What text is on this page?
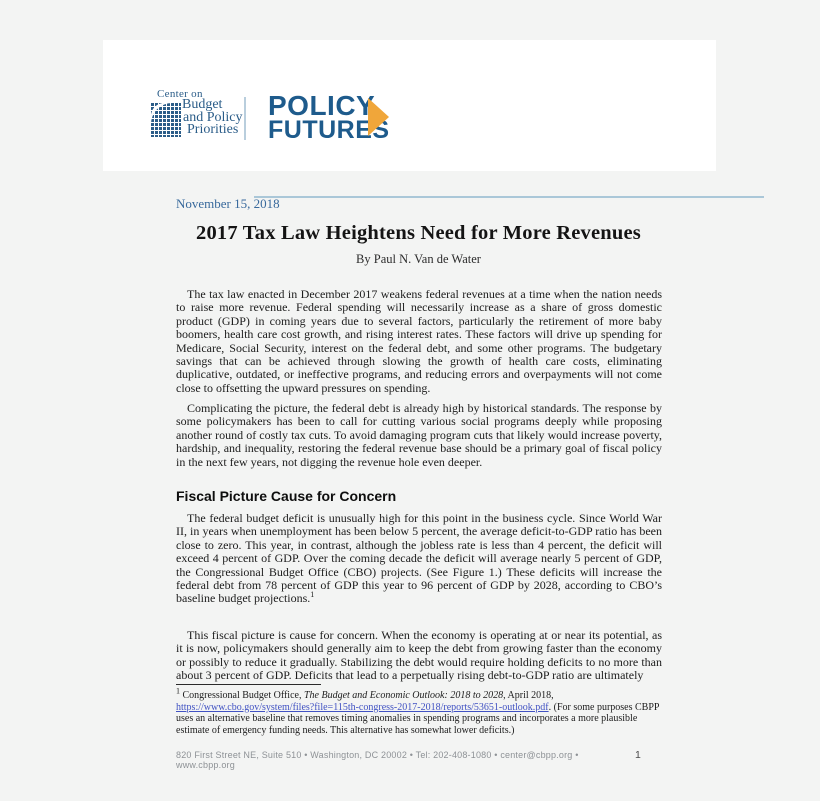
Center on
Budget
and Policy
Priorities
POLICY
FUTURES
November 15, 2018
2017 Tax Law Heightens Need for More Revenues
By Paul N. Van de Water

The tax law enacted in December 2017 weakens federal revenues at a time when the nation needs to raise more revenue. Federal spending will necessarily increase as a share of gross domestic product (GDP) in coming years due to several factors, particularly the retirement of more baby boomers, health care cost growth, and rising interest rates. These factors will drive up spending for Medicare, Social Security, interest on the federal debt, and some other programs. The budgetary savings that can be achieved through slowing the growth of health care costs, eliminating duplicative, outdated, or ineffective programs, and reducing errors and overpayments will not come close to offsetting the upward pressures on spending.

Complicating the picture, the federal debt is already high by historical standards. The response by some policymakers has been to call for cutting various social programs deeply while proposing another round of costly tax cuts. To avoid damaging program cuts that likely would increase poverty, hardship, and inequality, restoring the federal revenue base should be a primary goal of fiscal policy in the next few years, not digging the revenue hole even deeper.

Fiscal Picture Cause for Concern

The federal budget deficit is unusually high for this point in the business cycle. Since World War II, in years when unemployment has been below 5 percent, the average deficit-to-GDP ratio has been close to zero. This year, in contrast, although the jobless rate is less than 4 percent, the deficit will exceed 4 percent of GDP. Over the coming decade the deficit will average nearly 5 percent of GDP, the Congressional Budget Office (CBO) projects. (See Figure 1.) These deficits will increase the federal debt from 78 percent of GDP this year to 96 percent of GDP by 2028, according to CBO’s baseline budget projections.$^1$

This fiscal picture is cause for concern. When the economy is operating at or near its potential, as it is now, policymakers should generally aim to keep the debt from growing faster than the economy or possibly to reduce it gradually. Stabilizing the debt would require holding deficits to no more than about 3 percent of GDP. Deficits that lead to a perpetually rising debt-to-GDP ratio are ultimately

$^1$ Congressional Budget Office, The Budget and Economic Outlook: 2018 to 2028, April 2018, https://www.cbo.gov/system/files?file=115th-congress-2017-2018/reports/53651-outlook.pdf. (For some purposes CBPP uses an alternative baseline that removes timing anomalies in spending programs and incorporates a more plausible estimate of emergency funding needs. This alternative has somewhat lower deficits.)

820 First Street NE, Suite 510 • Washington, DC 20002 • Tel: 202-408-1080 • center@cbpp.org • www.cbpp.org
1
